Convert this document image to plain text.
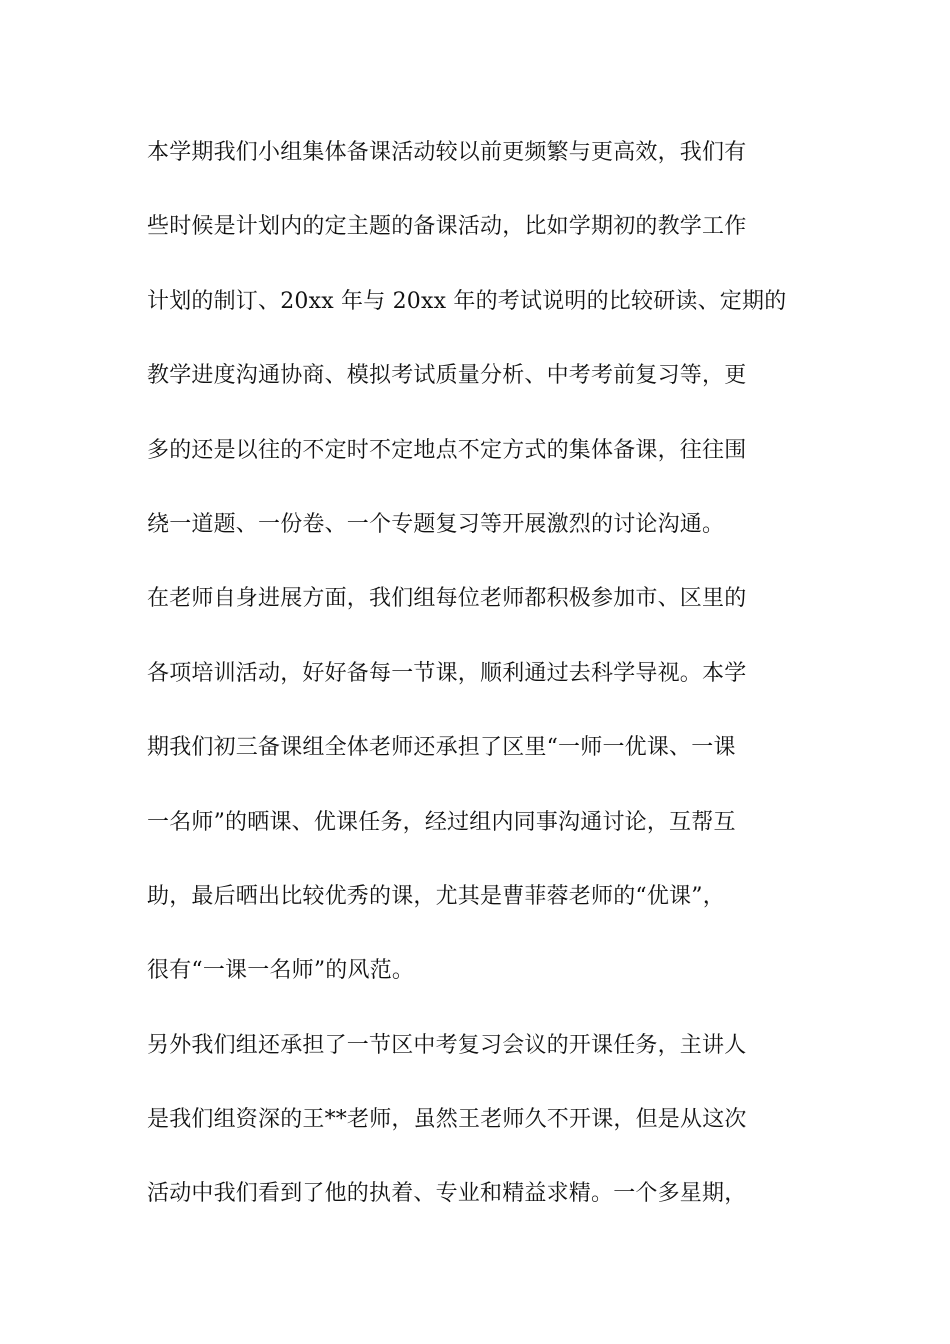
本学期我们小组集体备课活动较以前更频繁与更高效，我们有
些时候是计划内的定主题的备课活动，比如学期初的教学工作
计划的制订、20xx 年与 20xx 年的考试说明的比较研读、定期的
教学进度沟通协商、模拟考试质量分析、中考考前复习等，更
多的还是以往的不定时不定地点不定方式的集体备课，往往围
绕一道题、一份卷、一个专题复习等开展激烈的讨论沟通。
在老师自身进展方面，我们组每位老师都积极参加市、区里的
各项培训活动，好好备每一节课，顺利通过去科学导视。本学
期我们初三备课组全体老师还承担了区里“一师一优课、一课
一名师”的晒课、优课任务，经过组内同事沟通讨论，互帮互
助，最后晒出比较优秀的课，尤其是曹菲蓉老师的“优课”，
很有“一课一名师”的风范。
另外我们组还承担了一节区中考复习会议的开课任务，主讲人
是我们组资深的王**老师，虽然王老师久不开课，但是从这次
活动中我们看到了他的执着、专业和精益求精。一个多星期，
